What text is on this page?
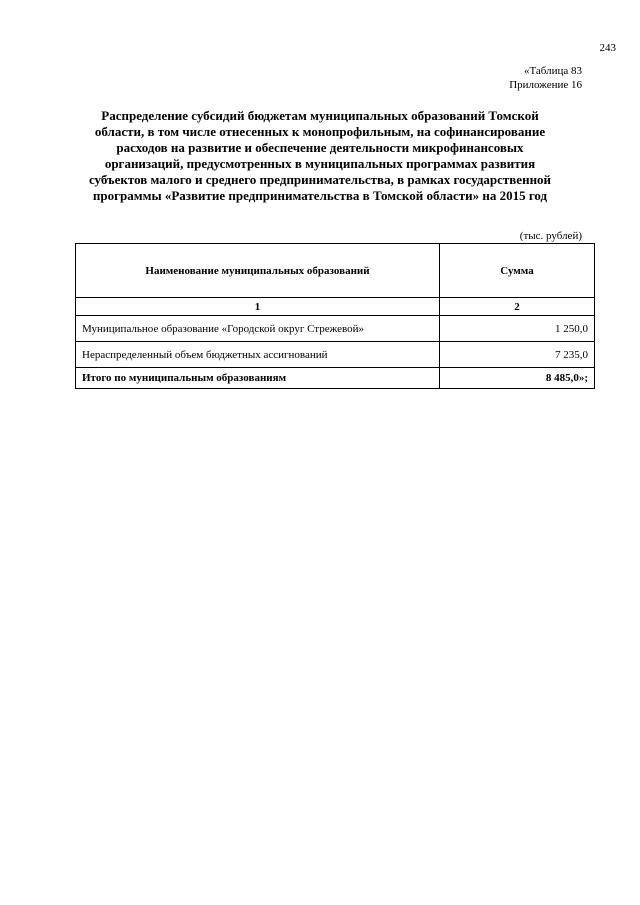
243
«Таблица 83
Приложение 16
Распределение субсидий бюджетам муниципальных образований Томской
области, в том числе отнесенных к монопрофильным, на софинансирование
расходов на развитие и обеспечение деятельности микрофинансовых
организаций, предусмотренных в муниципальных программах развития
субъектов малого и среднего предпринимательства, в рамках государственной
программы «Развитие предпринимательства в Томской области» на 2015 год
(тыс. рублей)
Наименование муниципальных образований	Сумма
1	2
Муниципальное образование «Городской округ Стрежевой»	1 250,0
Нераспределенный объем бюджетных ассигнований	7 235,0
Итого по муниципальным образованиям	8 485,0»;
